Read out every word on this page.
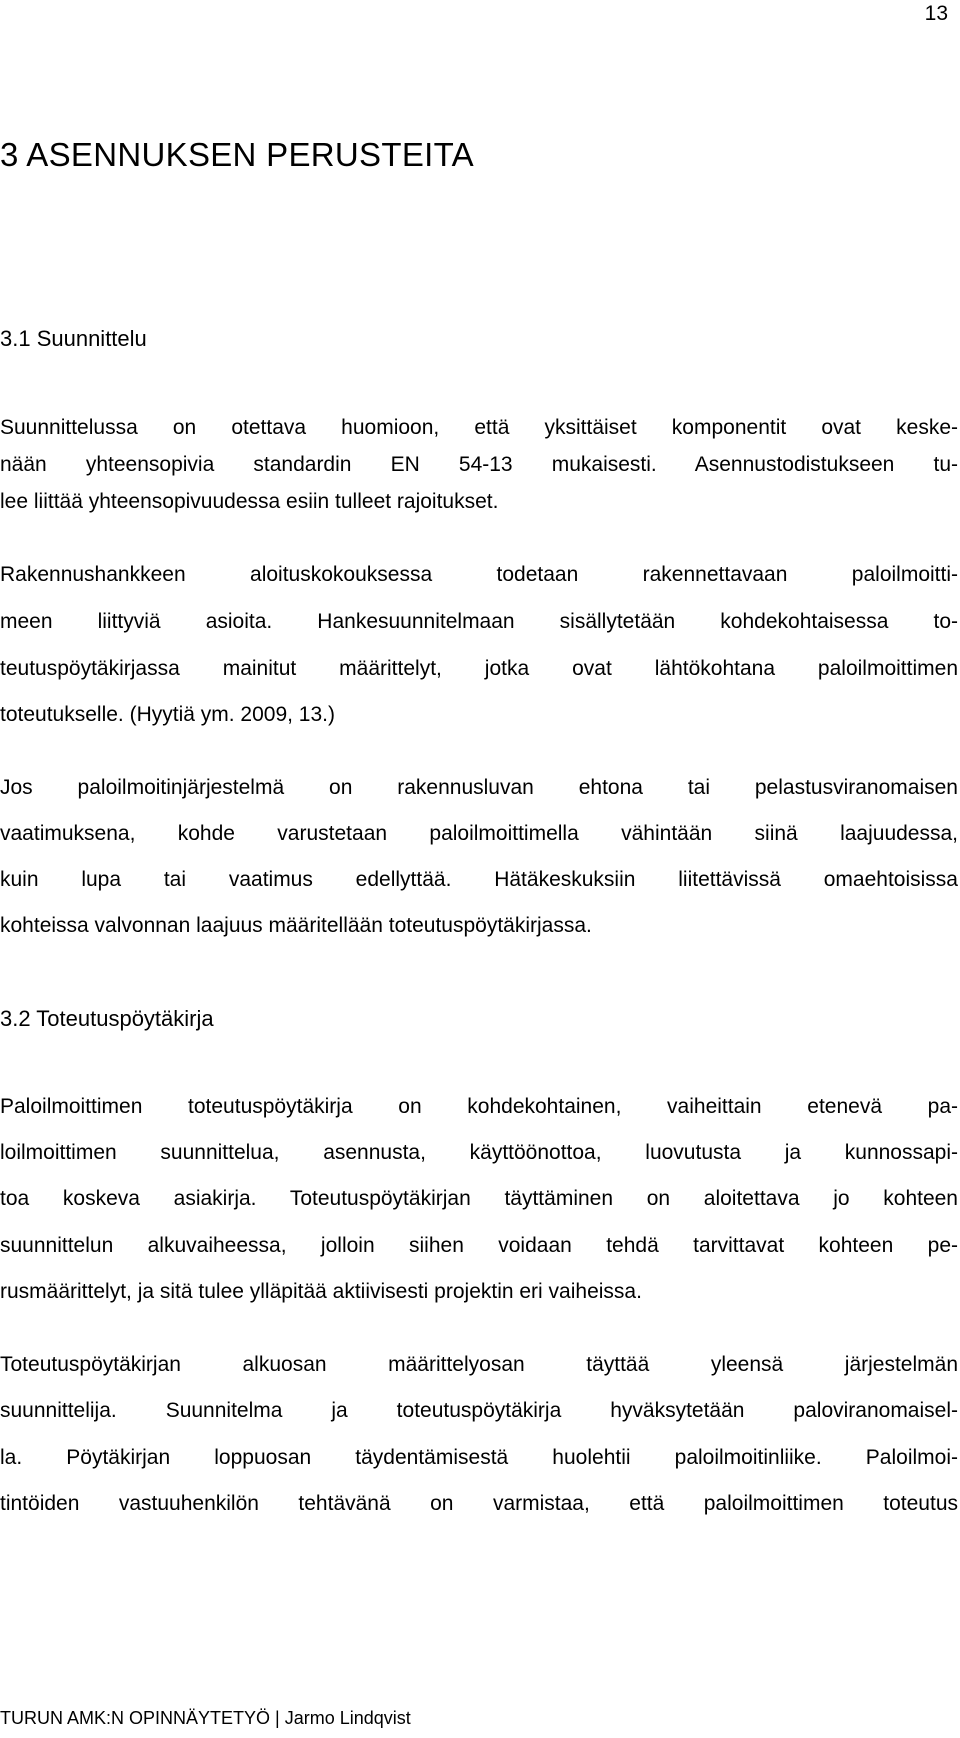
13
3 ASENNUKSEN PERUSTEITA
3.1 Suunnittelu
Suunnittelussa on otettava huomioon, että yksittäiset komponentit ovat keske-
nään yhteensopivia standardin EN 54-13 mukaisesti. Asennustodistukseen tu-
lee liittää yhteensopivuudessa esiin tulleet rajoitukset.
Rakennushankkeen aloituskokouksessa todetaan rakennettavaan paloilmoitti-
meen liittyviä asioita. Hankesuunnitelmaan sisällytetään kohdekohtaisessa to-
teutuspöytäkirjassa mainitut määrittelyt, jotka ovat lähtökohtana paloilmoittimen
toteutukselle. (Hyytiä ym. 2009, 13.)
Jos paloilmoitinjärjestelmä on rakennusluvan ehtona tai pelastusviranomaisen
vaatimuksena, kohde varustetaan paloilmoittimella vähintään siinä laajuudessa,
kuin lupa tai vaatimus edellyttää. Hätäkeskuksiin liitettävissä omaehtoisissa
kohteissa valvonnan laajuus määritellään toteutuspöytäkirjassa.
3.2 Toteutuspöytäkirja
Paloilmoittimen toteutuspöytäkirja on kohdekohtainen, vaiheittain etenevä pa-
loilmoittimen suunnittelua, asennusta, käyttöönottoa, luovutusta ja kunnossapi-
toa koskeva asiakirja. Toteutuspöytäkirjan täyttäminen on aloitettava jo kohteen
suunnittelun alkuvaiheessa, jolloin siihen voidaan tehdä tarvittavat kohteen pe-
rusmäärittelyt, ja sitä tulee ylläpitää aktiivisesti projektin eri vaiheissa.
Toteutuspöytäkirjan alkuosan määrittelyosan täyttää yleensä järjestelmän
suunnittelija. Suunnitelma ja toteutuspöytäkirja hyväksytetään paloviranomaisel-
la. Pöytäkirjan loppuosan täydentämisestä huolehtii paloilmoitinliike. Paloilmoi-
tintöiden vastuuhenkilön tehtävänä on varmistaa, että paloilmoittimen toteutus
TURUN AMK:N OPINNÄYTETYÖ | Jarmo Lindqvist
